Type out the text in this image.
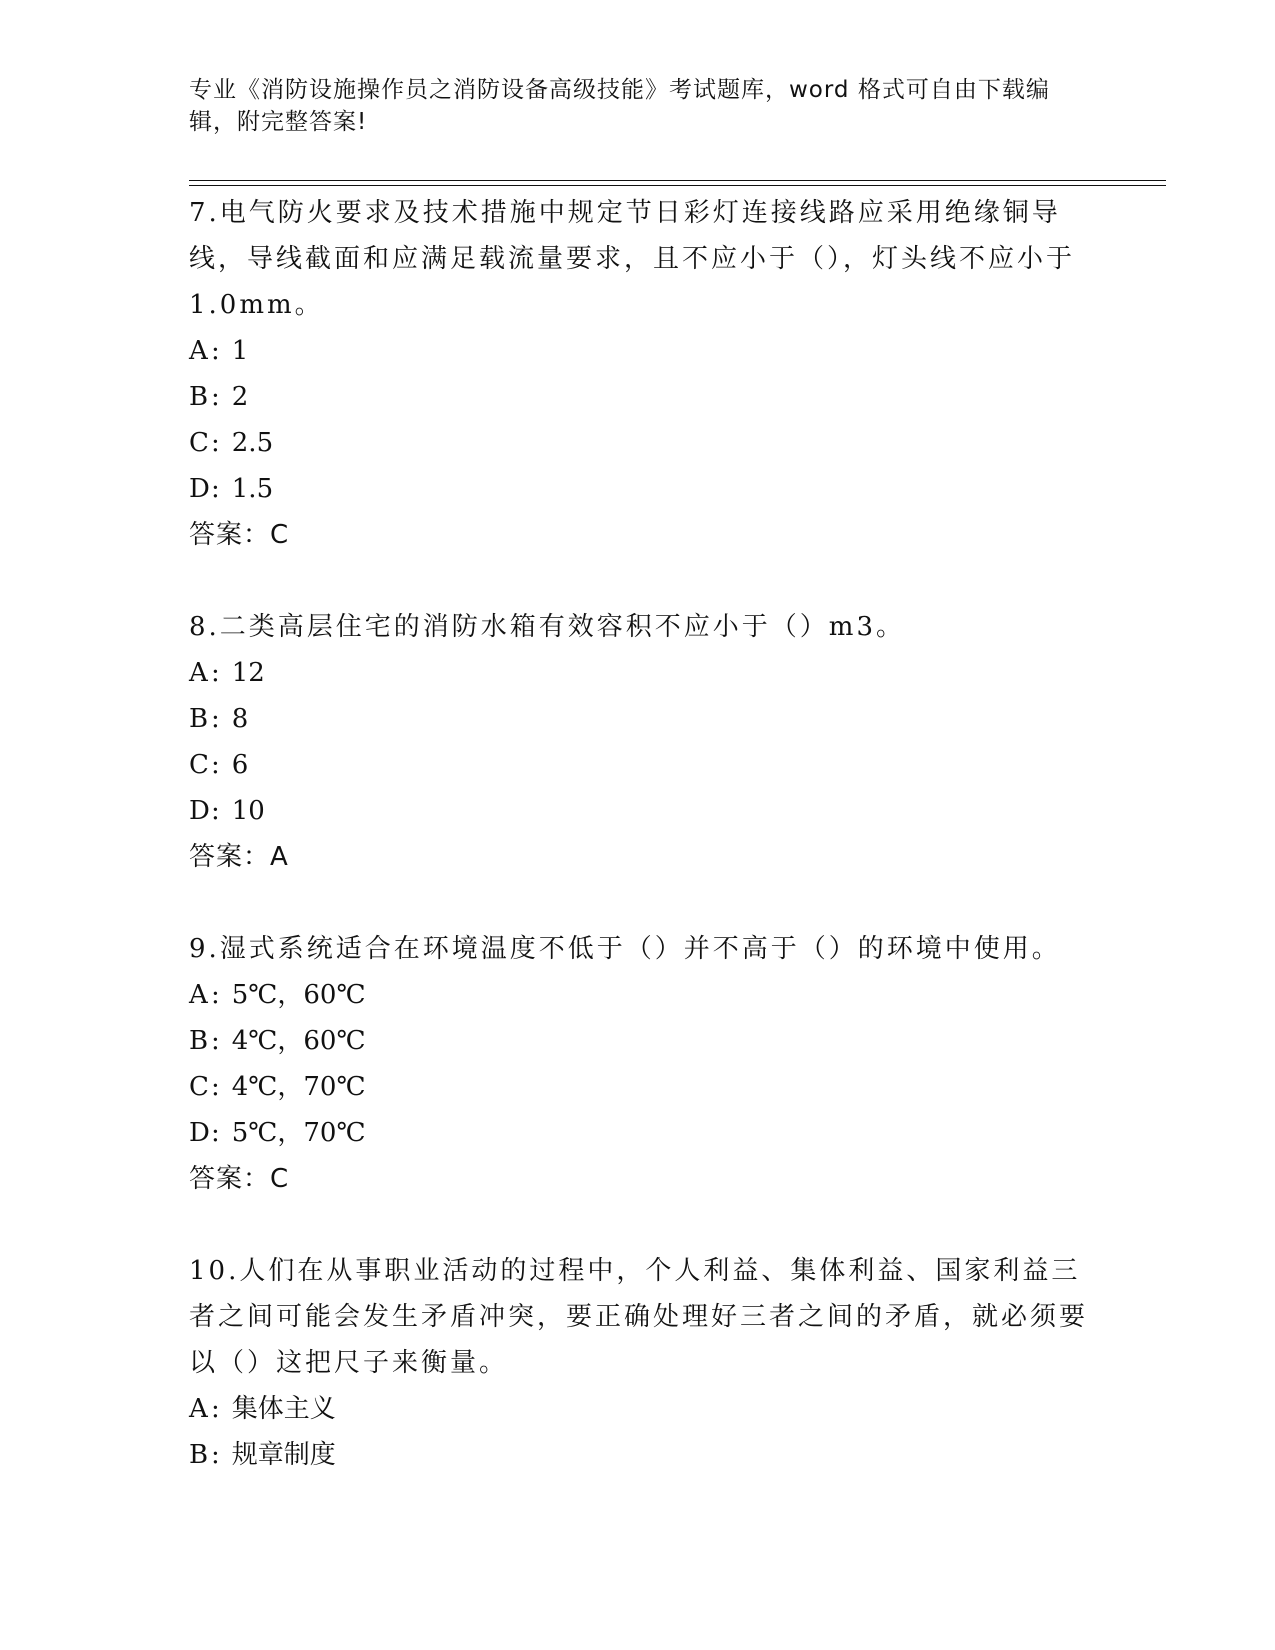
专业《消防设施操作员之消防设备高级技能》考试题库，word 格式可自由下载编辑，附完整答案!

7.电气防火要求及技术措施中规定节日彩灯连接线路应采用绝缘铜导线，导线截面和应满足载流量要求，且不应小于（），灯头线不应小于 1.0mm。

A : 1
B : 2
C: 2.5
D: 1.5
答案：C

8.二类高层住宅的消防水箱有效容积不应小于（）m3。

A : 12
B : 8
C: 6
D: 10
答案：A

9.湿式系统适合在环境温度不低于（）并不高于（）的环境中使用。

A : 5℃，60℃
B : 4℃，60℃
C: 4℃，70℃
D: 5℃，70℃
答案：C

10.人们在从事职业活动的过程中，个人利益、集体利益、国家利益三者之间可能会发生矛盾冲突，要正确处理好三者之间的矛盾，就必须要以（）这把尺子来衡量。

A : 集体主义
B : 规章制度
